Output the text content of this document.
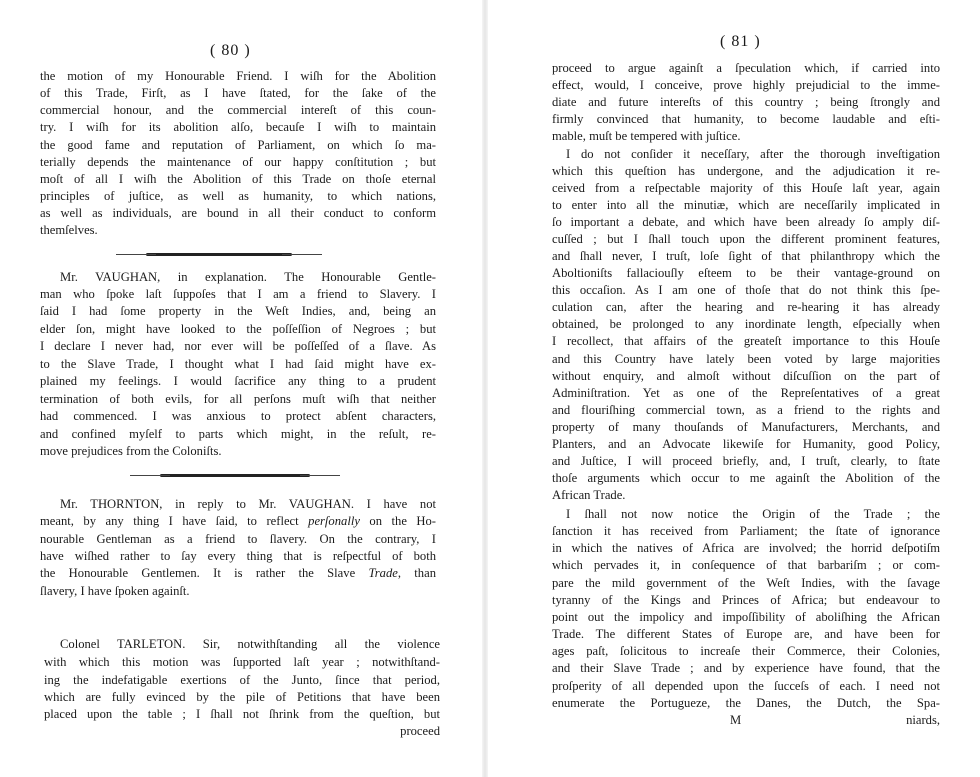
( 80 )
the motion of my Honourable Friend. I wiſh for the Abolition
of this Trade, Firſt, as I have ſtated, for the ſake of the
commercial honour, and the commercial intereſt of this coun-
try. I wiſh for its abolition alſo, becauſe I wiſh to maintain
the good fame and reputation of Parliament, on which ſo ma-
terially depends the maintenance of our happy conſtitution ; but
moſt of all I wiſh the Abolition of this Trade on thoſe eternal
principles of juſtice, as well as humanity, to which nations,
as well as individuals, are bound in all their conduct to conform
themſelves.
Mr. VAUGHAN, in explanation. The Honourable Gentle-
man who ſpoke laſt ſuppoſes that I am a friend to Slavery. I
ſaid I had ſome property in the Weſt Indies, and, being an
elder ſon, might have looked to the poſſeſſion of Negroes ; but
I declare I never had, nor ever will be poſſeſſed of a ſlave. As
to the Slave Trade, I thought what I had ſaid might have ex-
plained my feelings. I would ſacrifice any thing to a prudent
termination of both evils, for all perſons muſt wiſh that neither
had commenced. I was anxious to protect abſent characters,
and confined myſelf to parts which might, in the reſult, re-
move prejudices from the Coloniſts.
Mr. THORNTON, in reply to Mr. VAUGHAN. I have not
meant, by any thing I have ſaid, to reflect perſonally on the Ho-
nourable Gentleman as a friend to ſlavery. On the contrary, I
have wiſhed rather to ſay every thing that is reſpectful of both
the Honourable Gentlemen. It is rather the Slave Trade, than
ſlavery, I have ſpoken againſt.
Colonel TARLETON. Sir, notwithſtanding all the violence
with which this motion was ſupported laſt year ; notwithſtand-
ing the indefatigable exertions of the Junto, ſince that period,
which are fully evinced by the pile of Petitions that have been
placed upon the table ; I ſhall not ſhrink from the queſtion, but
proceed
( 81 )
proceed to argue againſt a ſpeculation which, if carried into
effect, would, I conceive, prove highly prejudicial to the imme-
diate and future intereſts of this country ; being ſtrongly and
firmly convinced that humanity, to become laudable and eſti-
mable, muſt be tempered with juſtice.
I do not conſider it neceſſary, after the thorough inveſtigation
which this queſtion has undergone, and the adjudication it re-
ceived from a reſpectable majority of this Houſe laſt year, again
to enter into all the minutiæ, which are neceſſarily implicated in
ſo important a debate, and which have been already ſo amply diſ-
cuſſed ; but I ſhall touch upon the different prominent features,
and ſhall never, I truſt, loſe ſight of that philanthropy which the
Aboltioniſts fallaciouſly eſteem to be their vantage-ground on
this occaſion. As I am one of thoſe that do not think this ſpe-
culation can, after the hearing and re-hearing it has already
obtained, be prolonged to any inordinate length, eſpecially when
I recollect, that affairs of the greateſt importance to this Houſe
and this Country have lately been voted by large majorities
without enquiry, and almoſt without diſcuſſion on the part of
Adminiſtration. Yet as one of the Repreſentatives of a great
and flouriſhing commercial town, as a friend to the rights and
property of many thouſands of Manufacturers, Merchants, and
Planters, and an Advocate likewiſe for Humanity, good Policy,
and Juſtice, I will proceed briefly, and, I truſt, clearly, to ſtate
thoſe arguments which occur to me againſt the Abolition of the
African Trade.
I ſhall not now notice the Origin of the Trade ; the
ſanction it has received from Parliament; the ſtate of ignorance
in which the natives of Africa are involved; the horrid deſpotiſm
which pervades it, in conſequence of that barbariſm ; or com-
pare the mild government of the Weſt Indies, with the ſavage
tyranny of the Kings and Princes of Africa; but endeavour to
point out the impolicy and impoſſibility of aboliſhing the African
Trade. The different States of Europe are, and have been for
ages paſt, ſolicitous to increaſe their Commerce, their Colonies,
and their Slave Trade ; and by experience have found, that the
proſperity of all depended upon the ſucceſs of each. I need not
enumerate the Portugueze, the Danes, the Dutch, the Spa-
M	niards,
